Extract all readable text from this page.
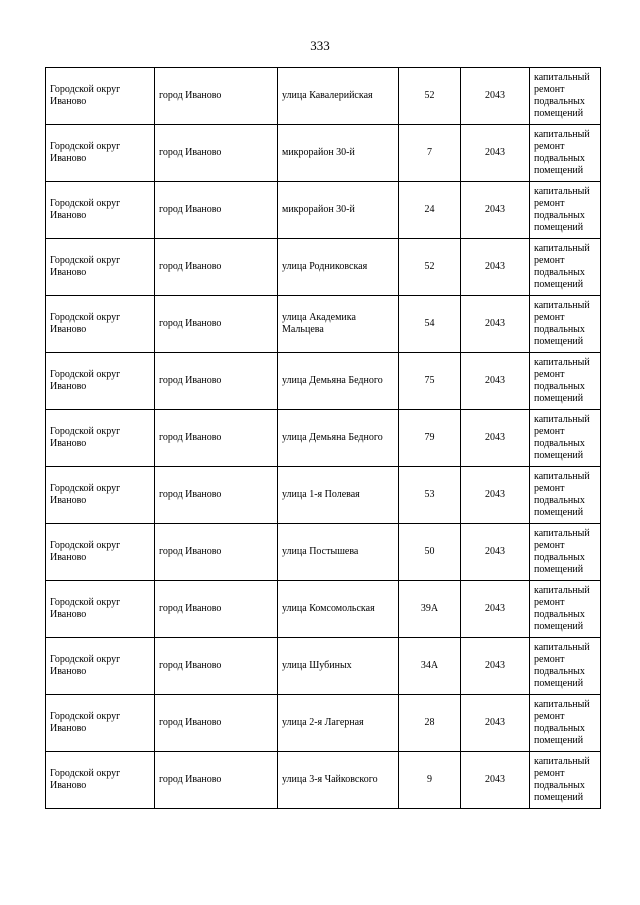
333
Городской округ Иваново	город Иваново	улица Кавалерийская	52	2043	капитальный ремонт подвальных помещений
Городской округ Иваново	город Иваново	микрорайон 30-й	7	2043	капитальный ремонт подвальных помещений
Городской округ Иваново	город Иваново	микрорайон 30-й	24	2043	капитальный ремонт подвальных помещений
Городской округ Иваново	город Иваново	улица Родниковская	52	2043	капитальный ремонт подвальных помещений
Городской округ Иваново	город Иваново	улица Академика Мальцева	54	2043	капитальный ремонт подвальных помещений
Городской округ Иваново	город Иваново	улица Демьяна Бедного	75	2043	капитальный ремонт подвальных помещений
Городской округ Иваново	город Иваново	улица Демьяна Бедного	79	2043	капитальный ремонт подвальных помещений
Городской округ Иваново	город Иваново	улица 1-я Полевая	53	2043	капитальный ремонт подвальных помещений
Городской округ Иваново	город Иваново	улица Постышева	50	2043	капитальный ремонт подвальных помещений
Городской округ Иваново	город Иваново	улица Комсомольская	39А	2043	капитальный ремонт подвальных помещений
Городской округ Иваново	город Иваново	улица Шубиных	34А	2043	капитальный ремонт подвальных помещений
Городской округ Иваново	город Иваново	улица 2-я Лагерная	28	2043	капитальный ремонт подвальных помещений
Городской округ Иваново	город Иваново	улица 3-я Чайковского	9	2043	капитальный ремонт подвальных помещений
